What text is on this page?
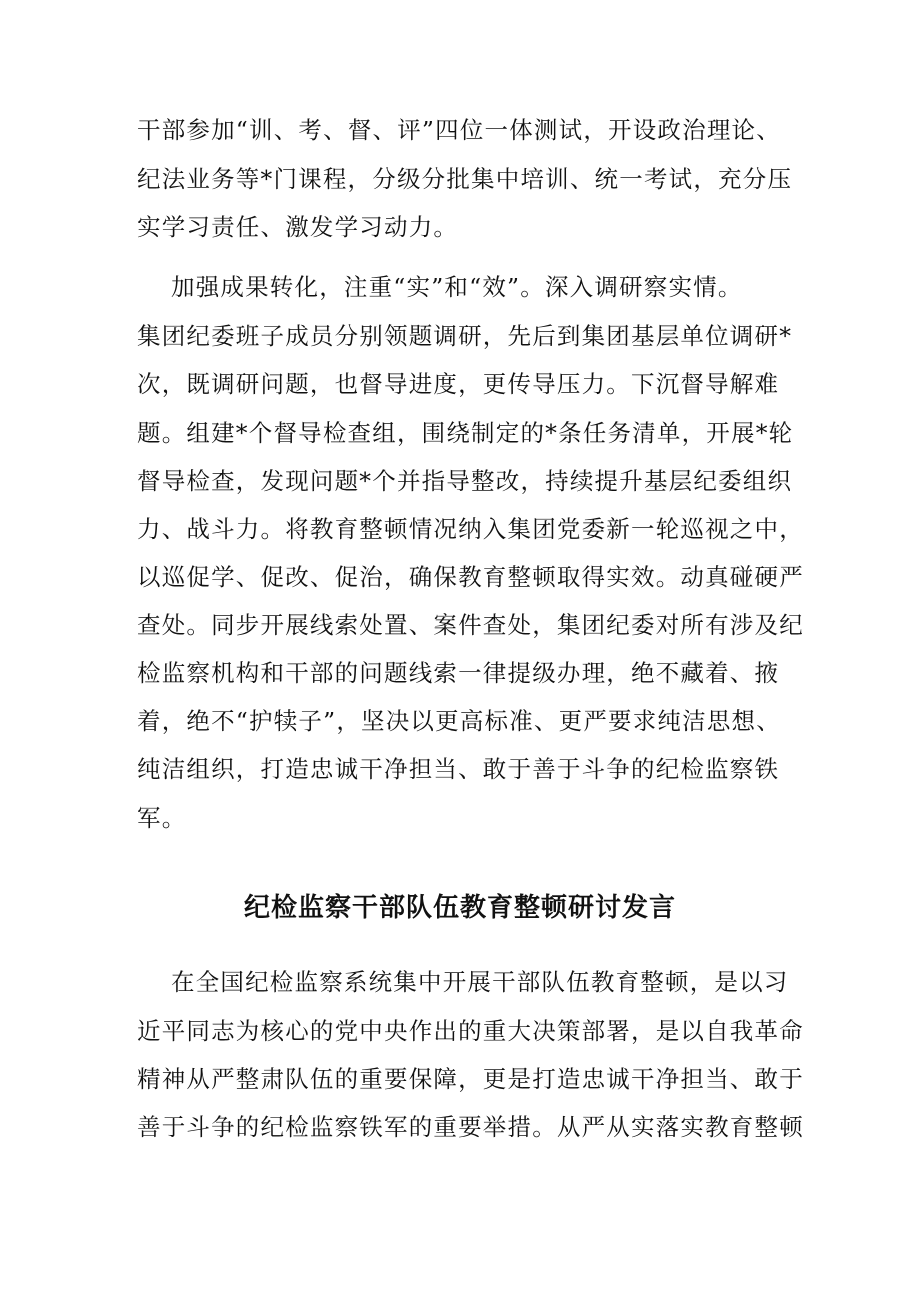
干部参加“训、考、督、评”四位一体测试，开设政治理论、
纪法业务等*门课程，分级分批集中培训、统一考试，充分压
实学习责任、激发学习动力。
加强成果转化，注重“实”和“效”。深入调研察实情。
集团纪委班子成员分别领题调研，先后到集团基层单位调研*
次，既调研问题，也督导进度，更传导压力。下沉督导解难
题。组建*个督导检查组，围绕制定的*条任务清单，开展*轮
督导检查，发现问题*个并指导整改，持续提升基层纪委组织
力、战斗力。将教育整顿情况纳入集团党委新一轮巡视之中，
以巡促学、促改、促治，确保教育整顿取得实效。动真碰硬严
查处。同步开展线索处置、案件查处，集团纪委对所有涉及纪
检监察机构和干部的问题线索一律提级办理，绝不藏着、掖
着，绝不“护犊子”，坚决以更高标准、更严要求纯洁思想、
纯洁组织，打造忠诚干净担当、敢于善于斗争的纪检监察铁
军。
纪检监察干部队伍教育整顿研讨发言
在全国纪检监察系统集中开展干部队伍教育整顿，是以习
近平同志为核心的党中央作出的重大决策部署，是以自我革命
精神从严整肃队伍的重要保障，更是打造忠诚干净担当、敢于
善于斗争的纪检监察铁军的重要举措。从严从实落实教育整顿
